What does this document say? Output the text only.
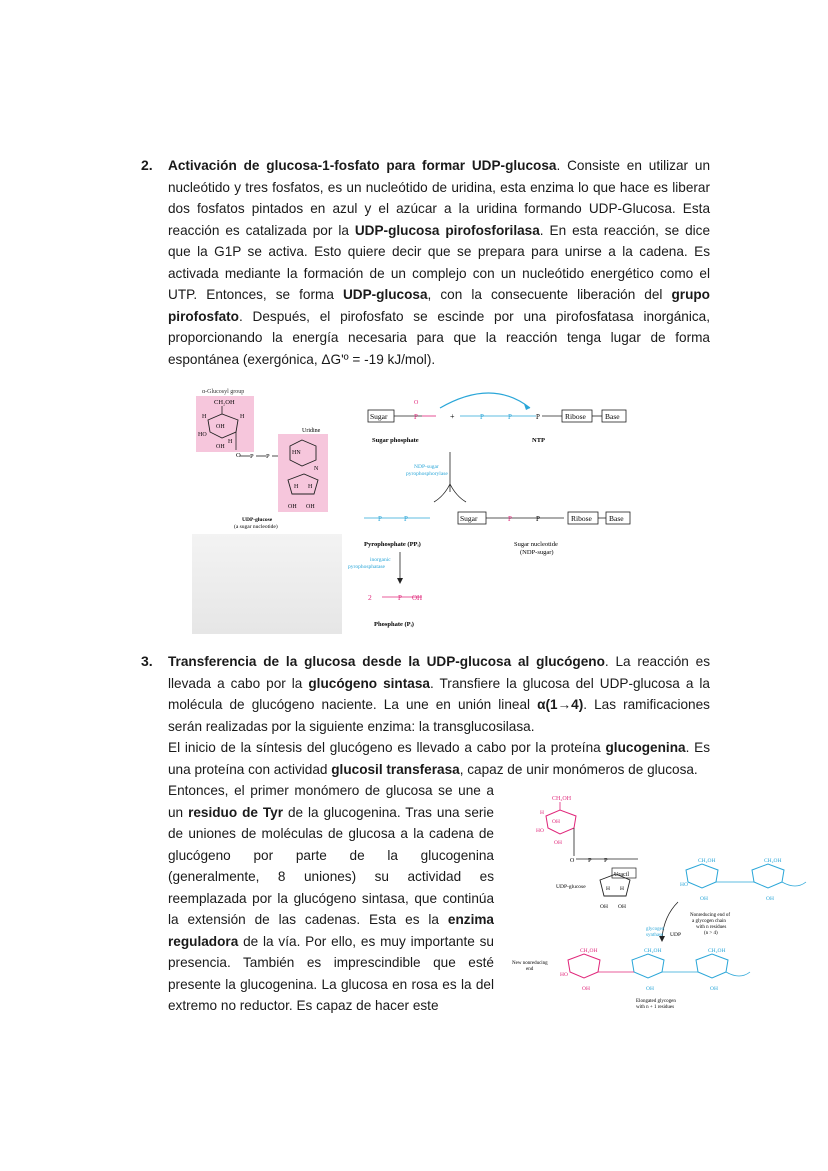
2. Activación de glucosa-1-fosfato para formar UDP-glucosa. Consiste en utilizar un nucleótido y tres fosfatos, es un nucleótido de uridina, esta enzima lo que hace es liberar dos fosfatos pintados en azul y el azúcar a la uridina formando UDP-Glucosa. Esta reacción es catalizada por la UDP-glucosa pirofosforilasa. En esta reacción, se dice que la G1P se activa. Esto quiere decir que se prepara para unirse a la cadena. Es activada mediante la formación de un complejo con un nucleótido energético como el UTP. Entonces, se forma UDP-glucosa, con la consecuente liberación del grupo pirofosfato. Después, el pirofosfato se escinde por una pirofosfatasa inorgánica, proporcionando la energía necesaria para que la reacción tenga lugar de forma espontánea (exergónica, ΔG'º = -19 kJ/mol).
α-Glucosyl group
CH₂OH
H	H
OH
HO
H
OH
O P P
Uridine
HN
N
H H
OH OH
UDP-glucose
(a sugar nucleotide)
Sugar	P
O
+	P	P	P	Ribose	Base
Sugar phosphate	NTP
NDP-sugar
pyrophosphorylase
P	P
Pyrophosphate (PPᵢ)
Sugar	P	P	Ribose Base
Sugar nucleotide
(NDP-sugar)
inorganic
pyrophosphatase
2	P OH
Phosphate (Pᵢ)
3. Transferencia de la glucosa desde la UDP-glucosa al glucógeno. La reacción es llevada a cabo por la glucógeno sintasa. Transfiere la glucosa del UDP-glucosa a la molécula de glucógeno naciente. La une en unión lineal α(1→4). Las ramificaciones serán realizadas por la siguiente enzima: la transglucosilasa.
El inicio de la síntesis del glucógeno es llevado a cabo por la proteína glucogenina. Es una proteína con actividad glucosil transferasa, capaz de unir monómeros de glucosa.
Entonces, el primer monómero de glucosa se une a un residuo de Tyr de la glucogenina. Tras una serie de uniones de moléculas de glucosa a la cadena de glucógeno por parte de la glucogenina (generalmente, 8 uniones) su actividad es reemplazada por la glucógeno sintasa, que continúa la extensión de las cadenas. Esta es la enzima reguladora de la vía. Por ello, es muy importante su presencia. También es imprescindible que esté presente la glucogenina. La glucosa en rosa es la del extremo no reductor. Es capaz de hacer este
CH₂OH
H
OH
HO
OH
O P P
Uracil
H H
OH OH
UDP-glucose
CH₂OH	CH₂OH
HO
OH	OH
Nonreducing end of
a glycogen chain
with n residues
(n > 4)
glycogen
synthase UDP
CH₂OH	CH₂OH	CH₂OH
HO
OH	OH	OH
New nonreducing
end
Elongated glycogen
with n + 1 residues
